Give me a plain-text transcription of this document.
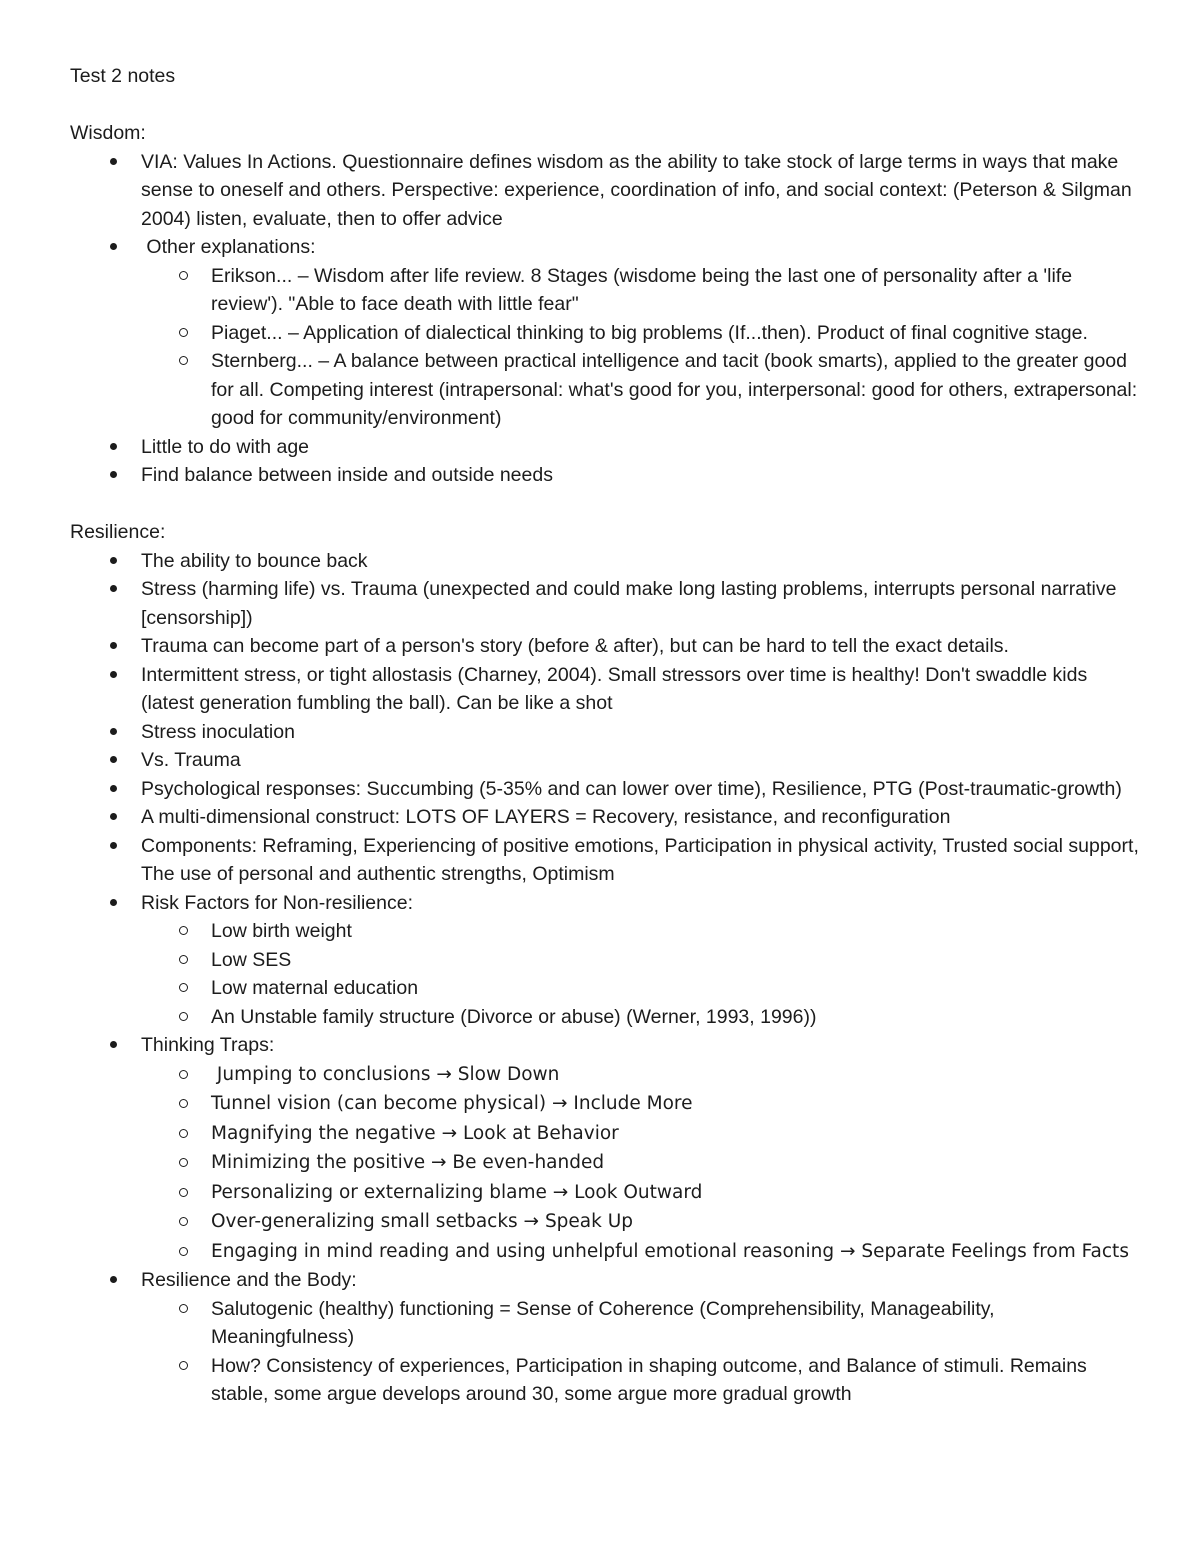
Test 2 notes
Wisdom:
VIA: Values In Actions. Questionnaire defines wisdom as the ability to take stock of large terms in ways that make sense to oneself and others. Perspective: experience, coordination of info, and social context: (Peterson & Silgman 2004) listen, evaluate, then to offer advice
Other explanations:
Erikson... – Wisdom after life review. 8 Stages (wisdome being the last one of personality after a 'life review'). "Able to face death with little fear"
Piaget... – Application of dialectical thinking to big problems (If...then). Product of final cognitive stage.
Sternberg... – A balance between practical intelligence and tacit (book smarts), applied to the greater good for all. Competing interest (intrapersonal: what's good for you, interpersonal: good for others, extrapersonal: good for community/environment)
Little to do with age
Find balance between inside and outside needs
Resilience:
The ability to bounce back
Stress (harming life) vs. Trauma (unexpected and could make long lasting problems, interrupts personal narrative [censorship])
Trauma can become part of a person's story (before & after), but can be hard to tell the exact details.
Intermittent stress, or tight allostasis (Charney, 2004). Small stressors over time is healthy! Don't swaddle kids (latest generation fumbling the ball). Can be like a shot
Stress inoculation
Vs. Trauma
Psychological responses: Succumbing (5-35% and can lower over time), Resilience, PTG (Post-traumatic-growth)
A multi-dimensional construct: LOTS OF LAYERS = Recovery, resistance, and reconfiguration
Components: Reframing, Experiencing of positive emotions, Participation in physical activity, Trusted social support, The use of personal and authentic strengths, Optimism
Risk Factors for Non-resilience:
Low birth weight
Low SES
Low maternal education
An Unstable family structure (Divorce or abuse) (Werner, 1993, 1996))
Thinking Traps:
Jumping to conclusions → Slow Down
Tunnel vision (can become physical) → Include More
Magnifying the negative → Look at Behavior
Minimizing the positive → Be even-handed
Personalizing or externalizing blame → Look Outward
Over-generalizing small setbacks → Speak Up
Engaging in mind reading and using unhelpful emotional reasoning → Separate Feelings from Facts
Resilience and the Body:
Salutogenic (healthy) functioning = Sense of Coherence (Comprehensibility, Manageability, Meaningfulness)
How? Consistency of experiences, Participation in shaping outcome, and Balance of stimuli. Remains stable, some argue develops around 30, some argue more gradual growth
